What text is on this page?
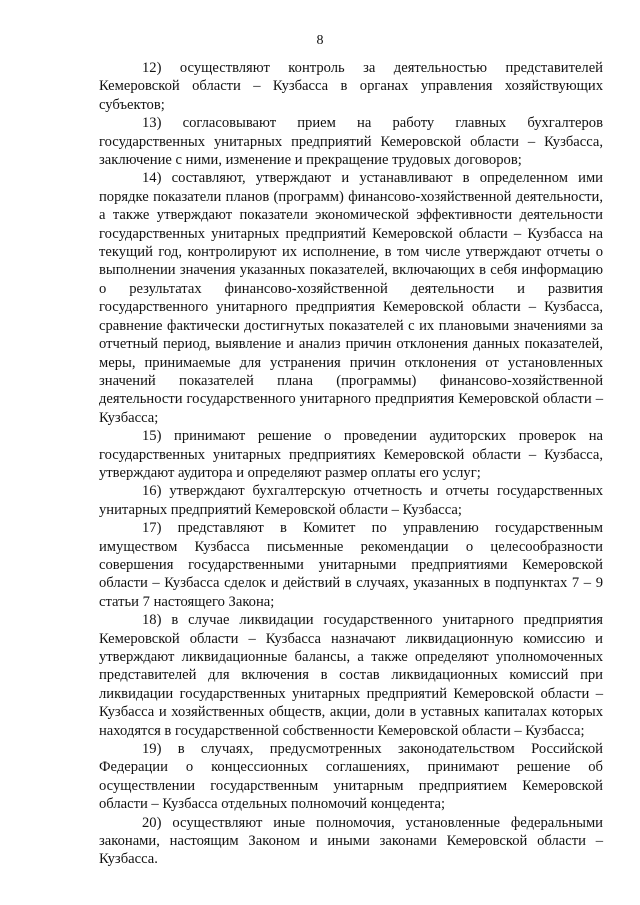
8

12) осуществляют контроль за деятельностью представителей Кемеровской области – Кузбасса в органах управления хозяйствующих субъектов;

13) согласовывают прием на работу главных бухгалтеров государственных унитарных предприятий Кемеровской области – Кузбасса, заключение с ними, изменение и прекращение трудовых договоров;

14) составляют, утверждают и устанавливают в определенном ими порядке показатели планов (программ) финансово-хозяйственной деятельности, а также утверждают показатели экономической эффективности деятельности государственных унитарных предприятий Кемеровской области – Кузбасса на текущий год, контролируют их исполнение, в том числе утверждают отчеты о выполнении значения указанных показателей, включающих в себя информацию о результатах финансово-хозяйственной деятельности и развития государственного унитарного предприятия Кемеровской области – Кузбасса, сравнение фактически достигнутых показателей с их плановыми значениями за отчетный период, выявление и анализ причин отклонения данных показателей, меры, принимаемые для устранения причин отклонения от установленных значений показателей плана (программы) финансово-хозяйственной деятельности государственного унитарного предприятия Кемеровской области – Кузбасса;

15) принимают решение о проведении аудиторских проверок на государственных унитарных предприятиях Кемеровской области – Кузбасса, утверждают аудитора и определяют размер оплаты его услуг;

16) утверждают бухгалтерскую отчетность и отчеты государственных унитарных предприятий Кемеровской области – Кузбасса;

17) представляют в Комитет по управлению государственным имуществом Кузбасса письменные рекомендации о целесообразности совершения государственными унитарными предприятиями Кемеровской области – Кузбасса сделок и действий в случаях, указанных в подпунктах 7 – 9 статьи 7 настоящего Закона;

18) в случае ликвидации государственного унитарного предприятия Кемеровской области – Кузбасса назначают ликвидационную комиссию и утверждают ликвидационные балансы, а также определяют уполномоченных представителей для включения в состав ликвидационных комиссий при ликвидации государственных унитарных предприятий Кемеровской области – Кузбасса и хозяйственных обществ, акции, доли в уставных капиталах которых находятся в государственной собственности Кемеровской области – Кузбасса;

19) в случаях, предусмотренных законодательством Российской Федерации о концессионных соглашениях, принимают решение об осуществлении государственным унитарным предприятием Кемеровской области – Кузбасса отдельных полномочий концедента;

20) осуществляют иные полномочия, установленные федеральными законами, настоящим Законом и иными законами Кемеровской области – Кузбасса.
